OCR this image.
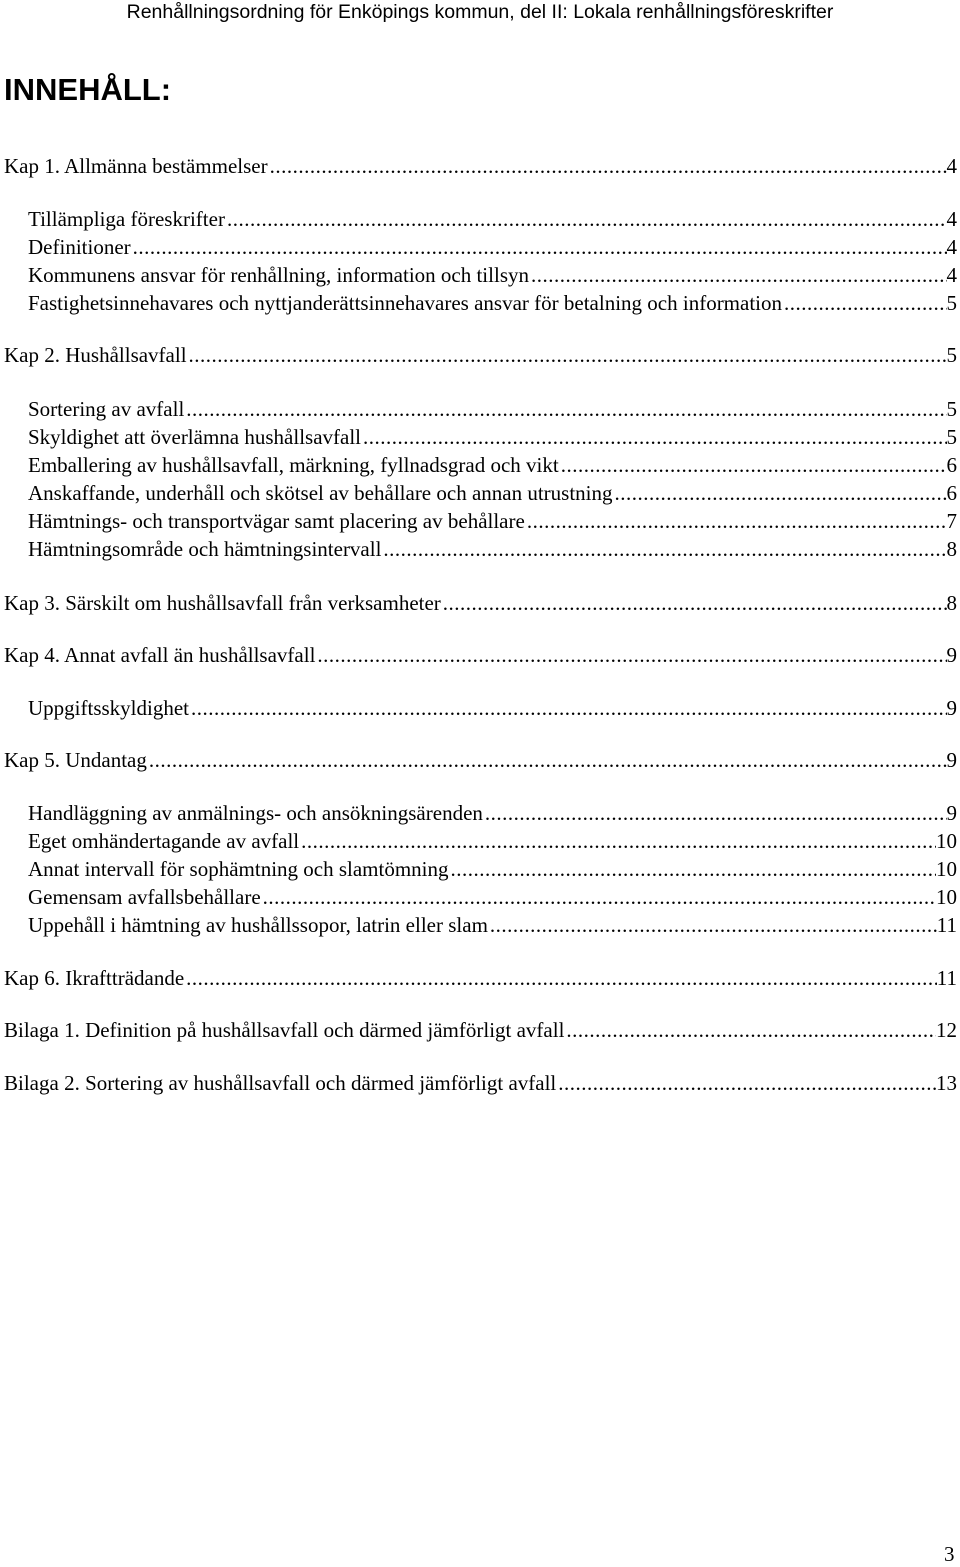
Renhållningsordning för Enköpings kommun, del II: Lokala renhållningsföreskrifter
INNEHÅLL:
Kap 1. Allmänna bestämmelser .....	4
Tillämpliga föreskrifter .....	4
Definitioner .....	4
Kommunens ansvar för renhållning, information och tillsyn .....	4
Fastighetsinnehavares och nyttjanderättsinnehavares ansvar för betalning och information .....	5
Kap 2. Hushållsavfall .....	5
Sortering av avfall .....	5
Skyldighet att överlämna hushållsavfall .....	5
Emballering av hushållsavfall, märkning, fyllnadsgrad och vikt .....	6
Anskaffande, underhåll och skötsel av behållare och annan utrustning .....	6
Hämtnings- och transportvägar samt placering av behållare .....	7
Hämtningsområde och hämtningsintervall .....	8
Kap 3. Särskilt om hushållsavfall från verksamheter .....	8
Kap 4. Annat avfall än hushållsavfall .....	9
Uppgiftsskyldighet .....	9
Kap 5. Undantag .....	9
Handläggning av anmälnings- och ansökningsärenden .....	9
Eget omhändertagande av avfall .....	10
Annat intervall för sophämtning och slamtömning .....	10
Gemensam avfallsbehållare .....	10
Uppehåll i hämtning av hushållssopor, latrin eller slam .....	11
Kap 6. Ikraftträdande .....	11
Bilaga 1. Definition på hushållsavfall och därmed jämförligt avfall .....	12
Bilaga 2. Sortering av hushållsavfall och därmed jämförligt avfall .....	13
3
